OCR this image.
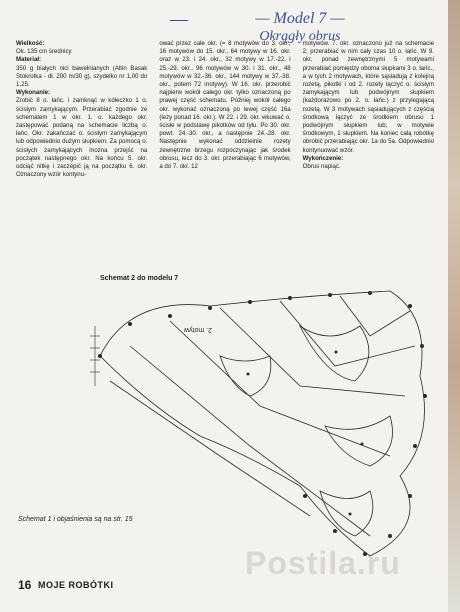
— Model 7 —
Okrągły obrus
Wielkość:
Ok. 135 cm średnicy
Materiał:
350 g białych nici bawełnianych (Altin Basak Stokrotka - dł. 200 m/30 g), szydełko nr 1,00 do 1,25.
Wykonanie:
Zrobić 8 o. łańc. i zamknąć w kółeczko 1 o. ścisłym zamykającym. Przerabiać zgodnie ze schematem 1 w okr. 1. o. każdego okr. zastępować podaną na schemacie liczbą o. łańc. Okr. zakańczać o. ścisłym zamykającym lub odpowiednio dużym słupkiem. Za pomocą o. ścisłych zamykających można przejść na początek następnego okr. Na końcu 5. okr. odciąć nitkę i zaczepić ją na początku 6. okr. Oznaczony wzór kontynu-
ować przez całe okr. (= 8 motywów do 3. okr., 16 motywów do 15. okr., 64 motywy w 16. okr. oraz w 23. i 24. okr., 32 motywy w 17.-22. i 25.-29. okr., 96 motywów w 30. i 31. okr., 48 motywów w 32.-36. okr., 144 motywy w 37.-38. okr., potem 72 motywy). W 16. okr. przerobić najpierw wokół całego okr. tylko oznaczoną po prawej część schematu. Później wokół całego okr. wykonać oznaczoną po lewej część 16a (leży ponad 16. okr.). W 22. i 29. okr. wkuwać o. ścisłe w podstawę pikotków od tyłu. Po 30. okr. powt. 24.-30. okr., a następnie 24.-28. okr. Następnie wykonać oddzielnie rozety zewnętrzne brzegu rozpoczynając jak środek obrusu, lecz do 3. okr. przerabiając 6 motywów, a do 7. okr. 12
motywów. 7. okr. oznaczono już na schemacie 2, przerabiać w nim cały czas 10 o. łańc. W 9. okr. ponad zewnętrznymi 5 motywami przerabiać pomiędzy oboma słupkami 3 o. łańc., a w tych 2 motywach, które sąsiadują z kolejną rozetą, pikotki i od 2. rozety łączyć o. ścisłym zamykającym lub podwójnym słupkiem (każdorazowo po 2. o. łańc.) z przylegającą rozetą. W 3 motywach sąsiadujących z częścią środkową łączyć ze środkiem obrusu 1 podwójnym słupkiem lub, w motywie środkowym, 1 słupkiem. Na koniec całą robótkę obrobić przerabiając okr. 1a do 5a. Odpowiednio kontynuować wzór.
Wykończenie:
Obrus napiąć.
Schemat 2 do modelu 7
2. motyw
Schemat 1 i objaśnienia są na str. 15
Postila.ru
16 MOJE ROBÓTKI
